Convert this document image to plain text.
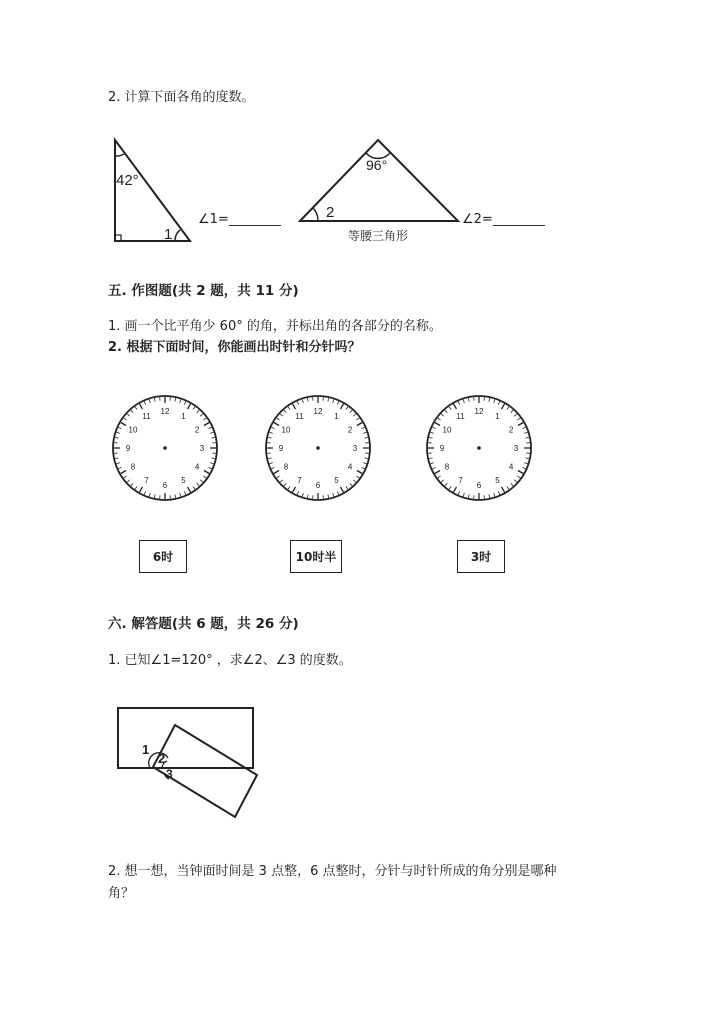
2. 计算下面各角的度数。
42°
1
∠1=________
96°
2
等腰三角形
∠2=________
五. 作图题(共 2 题，共 11 分)
1. 画一个比平角少 60° 的角，并标出角的各部分的名称。
2. 根据下面时间，你能画出时针和分针吗？
12
1
2
3
4
5
6
7
8
9
10
11
12
1
2
3
4
5
6
7
8
9
10
11
12
1
2
3
4
5
6
7
8
9
10
11
6时	10时半	3时
六. 解答题(共 6 题，共 26 分)
1. 已知∠1=120° ，求∠2、∠3 的度数。
1
2
3
2. 想一想，当钟面时间是 3 点整，6 点整时，分针与时针所成的角分别是哪种
角？
